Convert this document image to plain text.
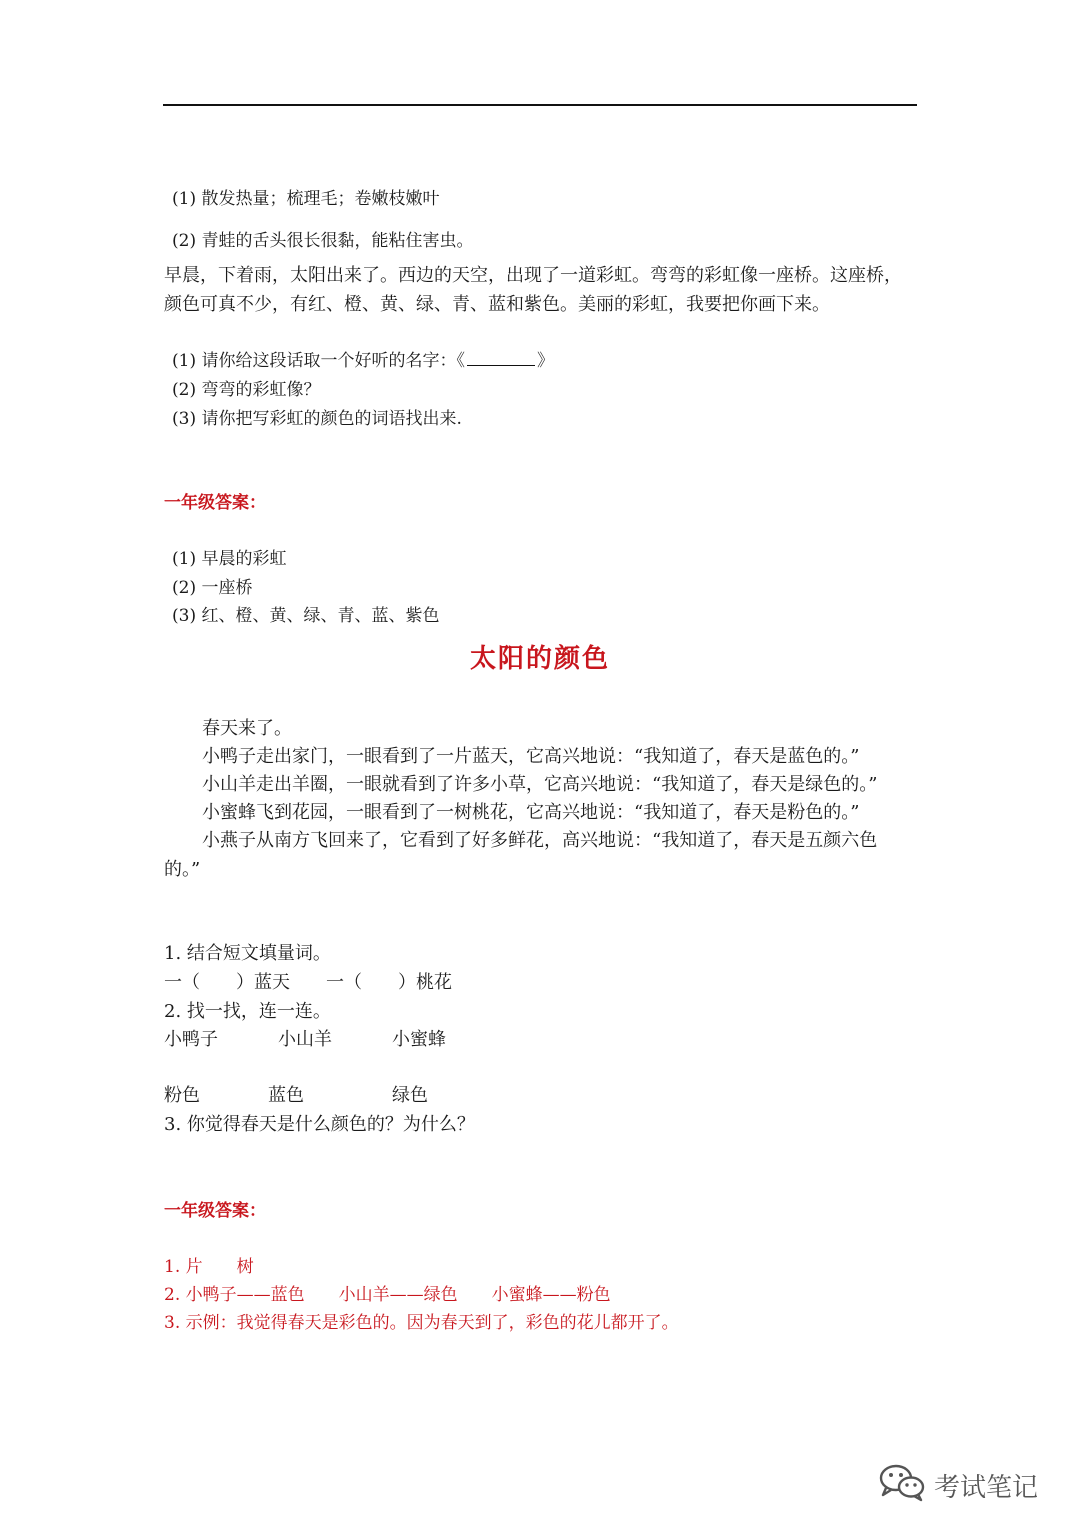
(1) 散发热量；梳理毛；卷嫩枝嫩叶
(2) 青蛙的舌头很长很黏，能粘住害虫。
早晨，下着雨，太阳出来了。西边的天空，出现了一道彩虹。弯弯的彩虹像一座桥。这座桥，
颜色可真不少，有红、橙、黄、绿、青、蓝和紫色。美丽的彩虹，我要把你画下来。
(1) 请你给这段话取一个好听的名字：《	》
(2) 弯弯的彩虹像？
(3) 请你把写彩虹的颜色的词语找出来.
一年级答案：
(1) 早晨的彩虹
(2) 一座桥
(3) 红、橙、黄、绿、青、蓝、紫色
太阳的颜色
春天来了。
小鸭子走出家门，一眼看到了一片蓝天，它高兴地说：“我知道了，春天是蓝色的。”
小山羊走出羊圈，一眼就看到了许多小草，它高兴地说：“我知道了，春天是绿色的。”
小蜜蜂飞到花园，一眼看到了一树桃花，它高兴地说：“我知道了，春天是粉色的。”
小燕子从南方飞回来了，它看到了好多鲜花，高兴地说：“我知道了，春天是五颜六色
的。”
1. 结合短文填量词。
一（　　）蓝天　　一（　　）桃花
2. 找一找，连一连。
小鸭子	小山羊	小蜜蜂
粉色	蓝色	绿色
3. 你觉得春天是什么颜色的？为什么？
一年级答案：
1. 片　　树
2. 小鸭子——蓝色　　小山羊——绿色　　小蜜蜂——粉色
3. 示例：我觉得春天是彩色的。因为春天到了，彩色的花儿都开了。
考试笔记
